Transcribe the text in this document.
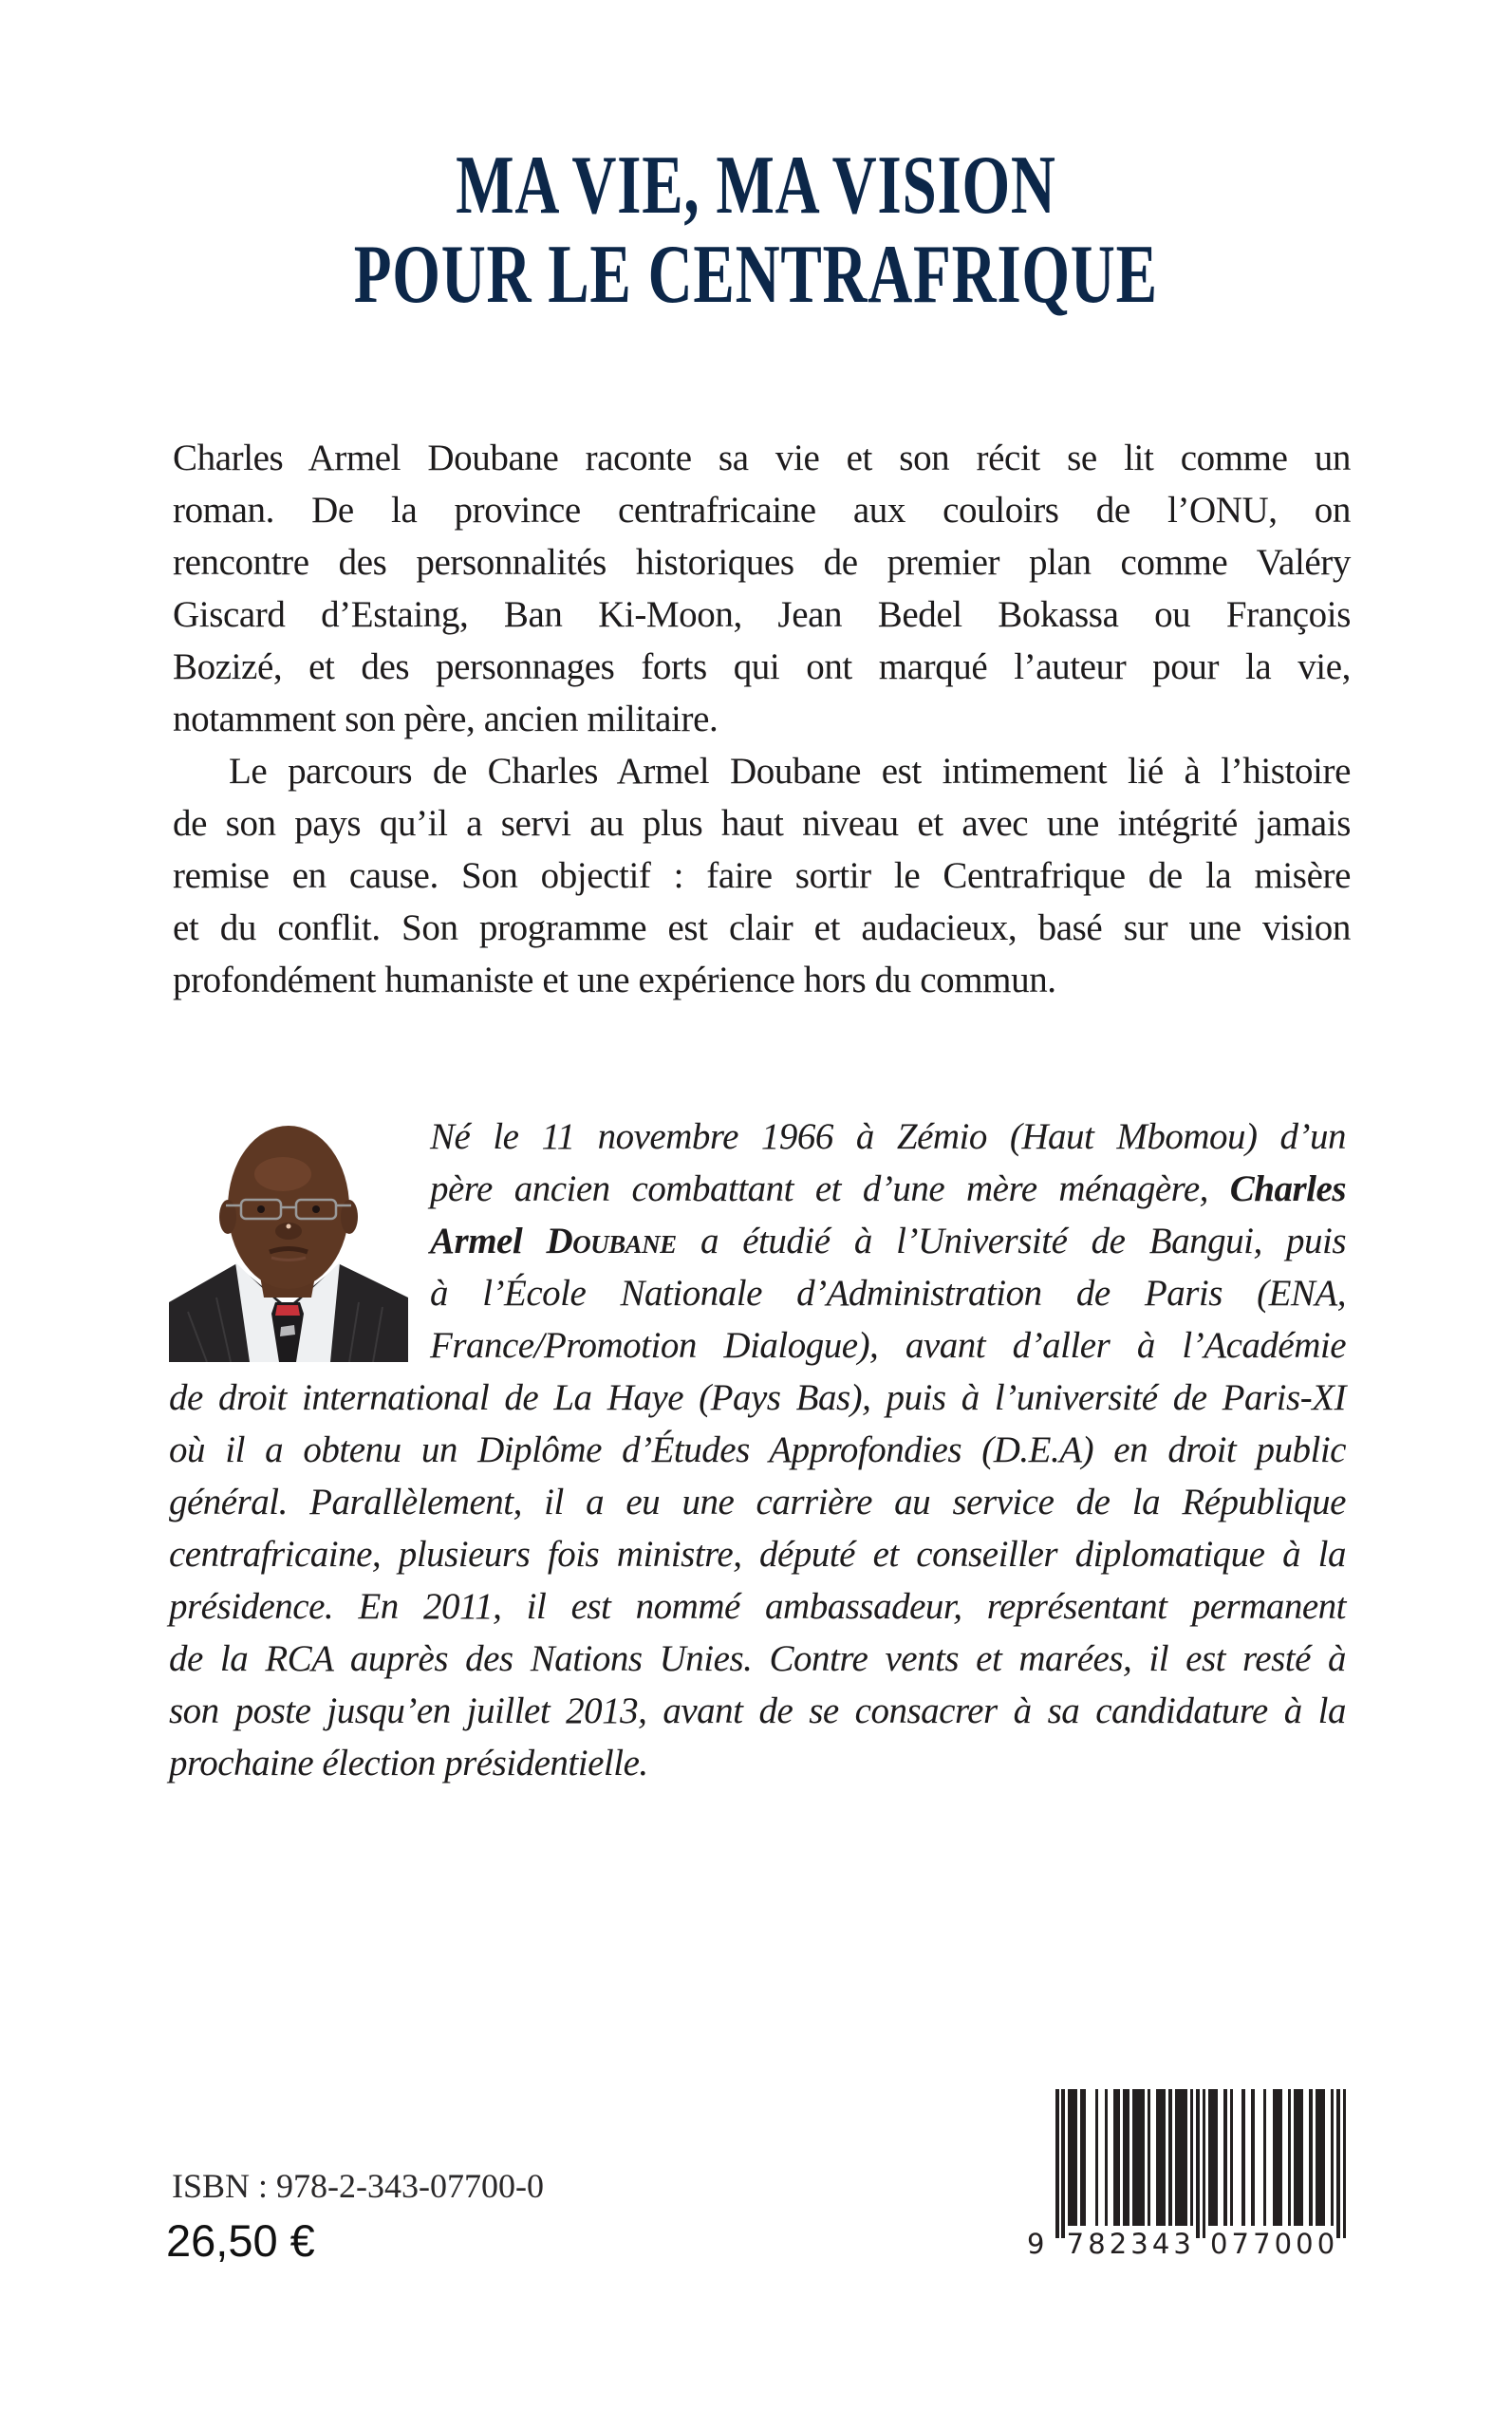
MA VIE, MA VISION
POUR LE CENTRAFRIQUE
Charles Armel Doubane raconte sa vie et son récit se lit comme un
roman. De la province centrafricaine aux couloirs de l’ONU, on
rencontre des personnalités historiques de premier plan comme Valéry
Giscard d’Estaing, Ban Ki-Moon, Jean Bedel Bokassa ou François
Bozizé, et des personnages forts qui ont marqué l’auteur pour la vie,
notamment son père, ancien militaire.
Le parcours de Charles Armel Doubane est intimement lié à l’histoire
de son pays qu’il a servi au plus haut niveau et avec une intégrité jamais
remise en cause. Son objectif : faire sortir le Centrafrique de la misère
et du conflit. Son programme est clair et audacieux, basé sur une vision
profondément humaniste et une expérience hors du commun.
Né le 11 novembre 1966 à Zémio (Haut Mbomou) d’un
père ancien combattant et d’une mère ménagère, Charles
Armel Doubane a étudié à l’Université de Bangui, puis
à l’École Nationale d’Administration de Paris (ENA,
France/Promotion Dialogue), avant d’aller à l’Académie
de droit international de La Haye (Pays Bas), puis à l’université de Paris-XI
où il a obtenu un Diplôme d’Études Approfondies (D.E.A) en droit public
général. Parallèlement, il a eu une carrière au service de la République
centrafricaine, plusieurs fois ministre, député et conseiller diplomatique à la
présidence. En 2011, il est nommé ambassadeur, représentant permanent
de la RCA auprès des Nations Unies. Contre vents et marées, il est resté à
son poste jusqu’en juillet 2013, avant de se consacrer à sa candidature à la
prochaine élection présidentielle.
ISBN : 978-2-343-07700-0
26,50 €	9 7 8 2 3 4 3 0 7 7 0 0 0
